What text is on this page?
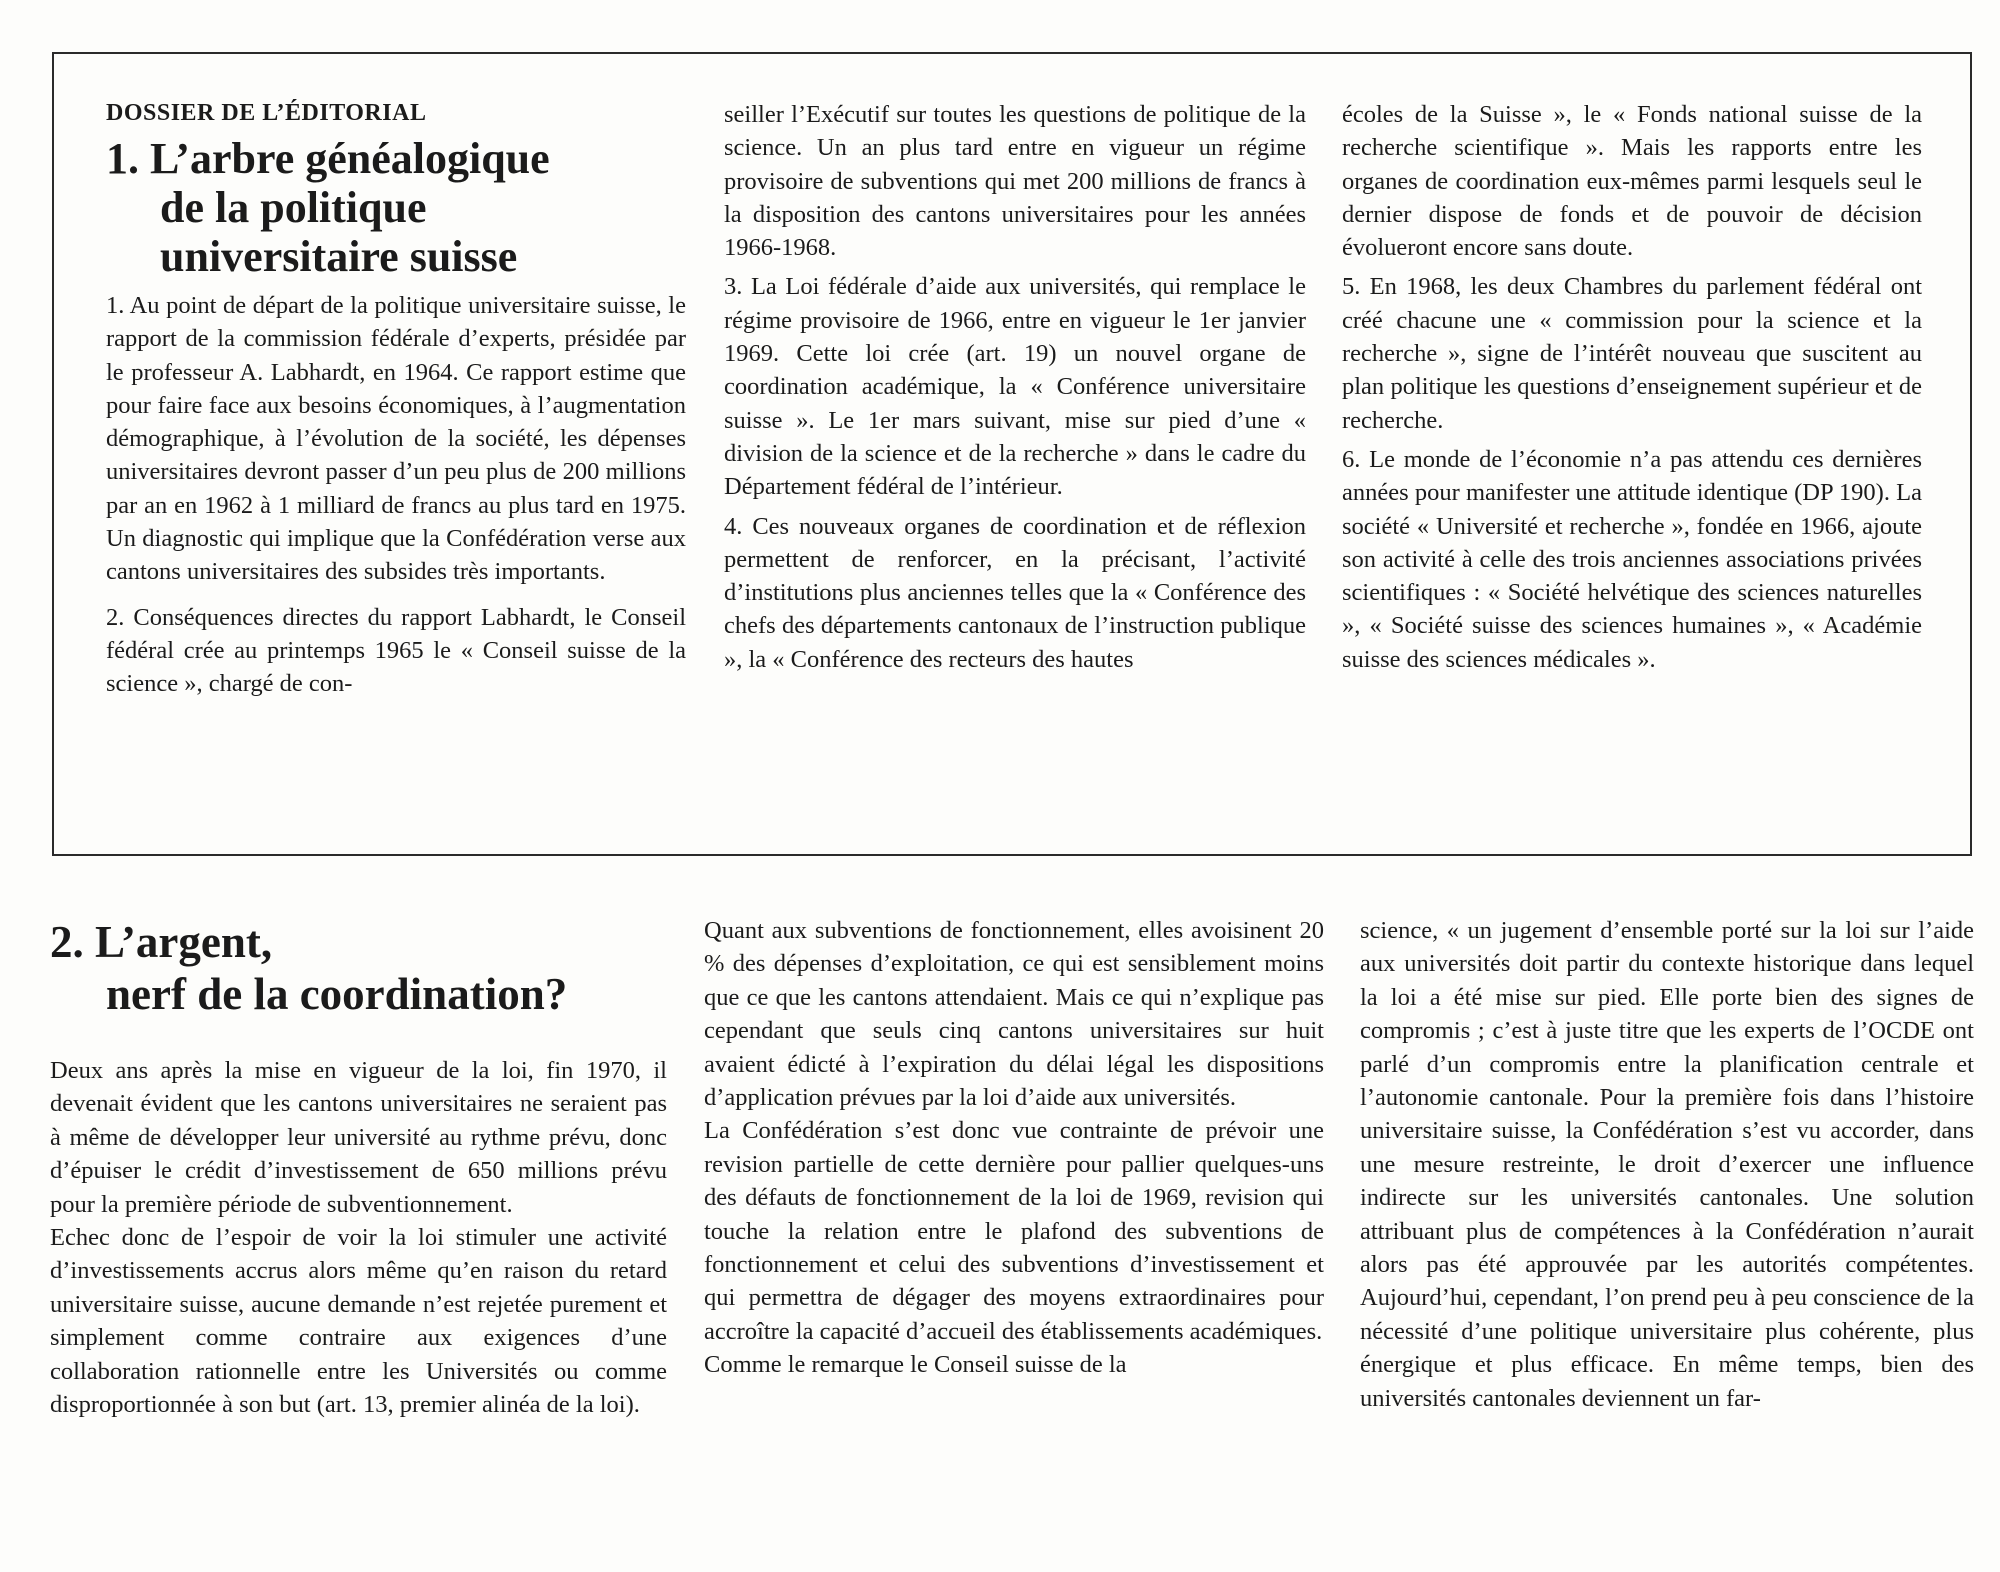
DOSSIER DE L’ÉDITORIAL
1. L’arbre généalogique
de la politique
universitaire suisse

1. Au point de départ de la politique universitaire suisse, le rapport de la commission fédérale d’experts, présidée par le professeur A. Labhardt, en 1964. Ce rapport estime que pour faire face aux besoins économiques, à l’augmentation démographique, à l’évolution de la société, les dépenses universitaires devront passer d’un peu plus de 200 millions par an en 1962 à 1 milliard de francs au plus tard en 1975. Un diagnostic qui implique que la Confédération verse aux cantons universitaires des subsides très importants.

2. Conséquences directes du rapport Labhardt, le Conseil fédéral crée au printemps 1965 le « Conseil suisse de la science », chargé de con-

seiller l’Exécutif sur toutes les questions de politique de la science. Un an plus tard entre en vigueur un régime provisoire de subventions qui met 200 millions de francs à la disposition des cantons universitaires pour les années 1966-1968.

3. La Loi fédérale d’aide aux universités, qui remplace le régime provisoire de 1966, entre en vigueur le 1er janvier 1969. Cette loi crée (art. 19) un nouvel organe de coordination académique, la « Conférence universitaire suisse ». Le 1er mars suivant, mise sur pied d’une « division de la science et de la recherche » dans le cadre du Département fédéral de l’intérieur.

4. Ces nouveaux organes de coordination et de réflexion permettent de renforcer, en la précisant, l’activité d’institutions plus anciennes telles que la « Conférence des chefs des départements cantonaux de l’instruction publique », la « Conférence des recteurs des hautes

écoles de la Suisse », le « Fonds national suisse de la recherche scientifique ». Mais les rapports entre les organes de coordination eux-mêmes parmi lesquels seul le dernier dispose de fonds et de pouvoir de décision évolueront encore sans doute.

5. En 1968, les deux Chambres du parlement fédéral ont créé chacune une « commission pour la science et la recherche », signe de l’intérêt nouveau que suscitent au plan politique les questions d’enseignement supérieur et de recherche.

6. Le monde de l’économie n’a pas attendu ces dernières années pour manifester une attitude identique (DP 190). La société « Université et recherche », fondée en 1966, ajoute son activité à celle des trois anciennes associations privées scientifiques : « Société helvétique des sciences naturelles », « Société suisse des sciences humaines », « Académie suisse des sciences médicales ».

2. L’argent,
nerf de la coordination?

Deux ans après la mise en vigueur de la loi, fin 1970, il devenait évident que les cantons universitaires ne seraient pas à même de développer leur université au rythme prévu, donc d’épuiser le crédit d’investissement de 650 millions prévu pour la première période de subventionnement.

Echec donc de l’espoir de voir la loi stimuler une activité d’investissements accrus alors même qu’en raison du retard universitaire suisse, aucune demande n’est rejetée purement et simplement comme contraire aux exigences d’une collaboration rationnelle entre les Universités ou comme disproportionnée à son but (art. 13, premier alinéa de la loi).

Quant aux subventions de fonctionnement, elles avoisinent 20 % des dépenses d’exploitation, ce qui est sensiblement moins que ce que les cantons attendaient. Mais ce qui n’explique pas cependant que seuls cinq cantons universitaires sur huit avaient édicté à l’expiration du délai légal les dispositions d’application prévues par la loi d’aide aux universités.

La Confédération s’est donc vue contrainte de prévoir une revision partielle de cette dernière pour pallier quelques-uns des défauts de fonctionnement de la loi de 1969, revision qui touche la relation entre le plafond des subventions de fonctionnement et celui des subventions d’investissement et qui permettra de dégager des moyens extraordinaires pour accroître la capacité d’accueil des établissements académiques.

Comme le remarque le Conseil suisse de la

science, « un jugement d’ensemble porté sur la loi sur l’aide aux universités doit partir du contexte historique dans lequel la loi a été mise sur pied. Elle porte bien des signes de compromis ; c’est à juste titre que les experts de l’OCDE ont parlé d’un compromis entre la planification centrale et l’autonomie cantonale. Pour la première fois dans l’histoire universitaire suisse, la Confédération s’est vu accorder, dans une mesure restreinte, le droit d’exercer une influence indirecte sur les universités cantonales. Une solution attribuant plus de compétences à la Confédération n’aurait alors pas été approuvée par les autorités compétentes. Aujourd’hui, cependant, l’on prend peu à peu conscience de la nécessité d’une politique universitaire plus cohérente, plus énergique et plus efficace. En même temps, bien des universités cantonales deviennent un far-
